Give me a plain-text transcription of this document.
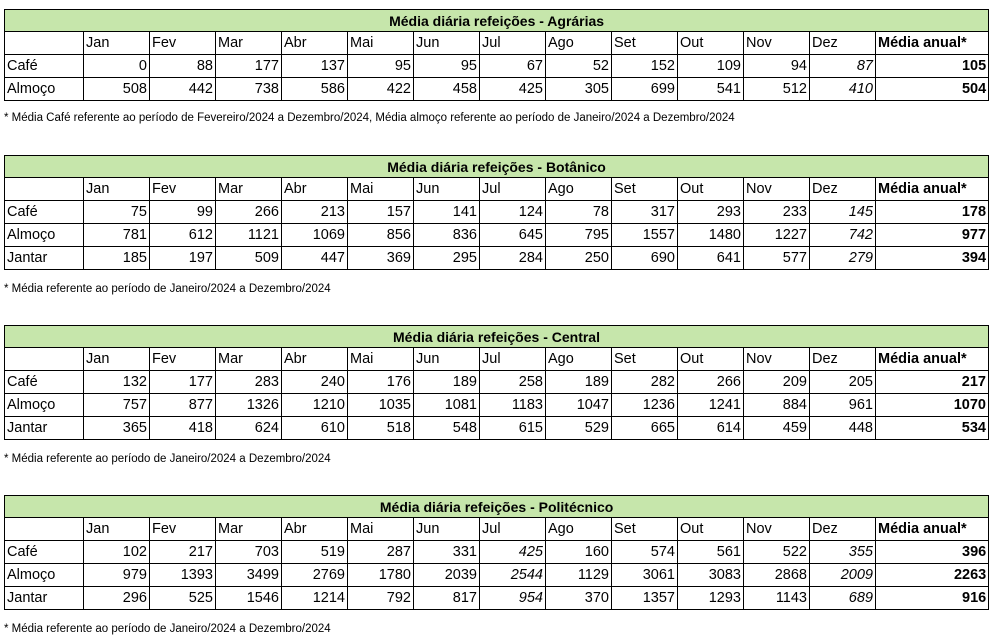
Média diária refeições - Agrárias													
	Jan	Fev	Mar	Abr	Mai	Jun	Jul	Ago	Set	Out	Nov	Dez	Média anual*
Café	0	88	177	137	95	95	67	52	152	109	94	87	105
Almoço	508	442	738	586	422	458	425	305	699	541	512	410	504
* Média Café referente ao período de Fevereiro/2024 a Dezembro/2024, Média almoço referente ao período de Janeiro/2024 a Dezembro/2024
Média diária refeições - Botânico													
	Jan	Fev	Mar	Abr	Mai	Jun	Jul	Ago	Set	Out	Nov	Dez	Média anual*
Café	75	99	266	213	157	141	124	78	317	293	233	145	178
Almoço	781	612	1121	1069	856	836	645	795	1557	1480	1227	742	977
Jantar	185	197	509	447	369	295	284	250	690	641	577	279	394
* Média referente ao período de Janeiro/2024 a Dezembro/2024
Média diária refeições - Central													
	Jan	Fev	Mar	Abr	Mai	Jun	Jul	Ago	Set	Out	Nov	Dez	Média anual*
Café	132	177	283	240	176	189	258	189	282	266	209	205	217
Almoço	757	877	1326	1210	1035	1081	1183	1047	1236	1241	884	961	1070
Jantar	365	418	624	610	518	548	615	529	665	614	459	448	534
* Média referente ao período de Janeiro/2024 a Dezembro/2024
Média diária refeições - Politécnico													
	Jan	Fev	Mar	Abr	Mai	Jun	Jul	Ago	Set	Out	Nov	Dez	Média anual*
Café	102	217	703	519	287	331	425	160	574	561	522	355	396
Almoço	979	1393	3499	2769	1780	2039	2544	1129	3061	3083	2868	2009	2263
Jantar	296	525	1546	1214	792	817	954	370	1357	1293	1143	689	916
* Média referente ao período de Janeiro/2024 a Dezembro/2024
